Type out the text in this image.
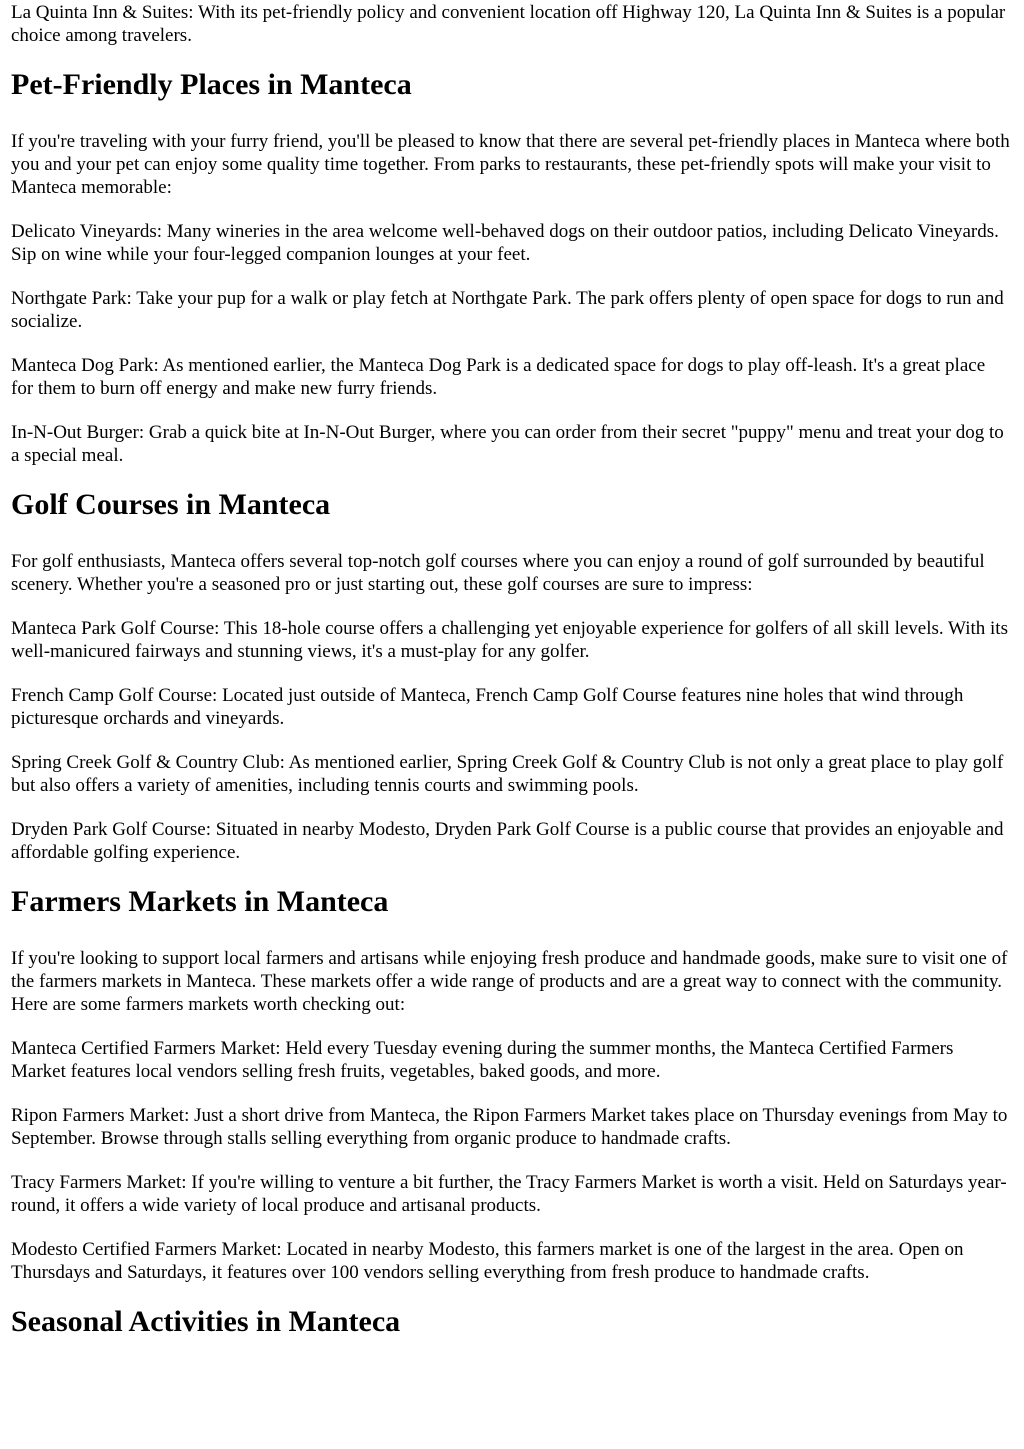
La Quinta Inn & Suites: With its pet-friendly policy and convenient location off Highway 120, La Quinta Inn & Suites is a popular choice among travelers.

Pet-Friendly Places in Manteca

If you're traveling with your furry friend, you'll be pleased to know that there are several pet-friendly places in Manteca where both you and your pet can enjoy some quality time together. From parks to restaurants, these pet-friendly spots will make your visit to Manteca memorable:

Delicato Vineyards: Many wineries in the area welcome well-behaved dogs on their outdoor patios, including Delicato Vineyards. Sip on wine while your four-legged companion lounges at your feet.

Northgate Park: Take your pup for a walk or play fetch at Northgate Park. The park offers plenty of open space for dogs to run and socialize.

Manteca Dog Park: As mentioned earlier, the Manteca Dog Park is a dedicated space for dogs to play off-leash. It's a great place for them to burn off energy and make new furry friends.

In-N-Out Burger: Grab a quick bite at In-N-Out Burger, where you can order from their secret "puppy" menu and treat your dog to a special meal.

Golf Courses in Manteca

For golf enthusiasts, Manteca offers several top-notch golf courses where you can enjoy a round of golf surrounded by beautiful scenery. Whether you're a seasoned pro or just starting out, these golf courses are sure to impress:

Manteca Park Golf Course: This 18-hole course offers a challenging yet enjoyable experience for golfers of all skill levels. With its well-manicured fairways and stunning views, it's a must-play for any golfer.

French Camp Golf Course: Located just outside of Manteca, French Camp Golf Course features nine holes that wind through picturesque orchards and vineyards.

Spring Creek Golf & Country Club: As mentioned earlier, Spring Creek Golf & Country Club is not only a great place to play golf but also offers a variety of amenities, including tennis courts and swimming pools.

Dryden Park Golf Course: Situated in nearby Modesto, Dryden Park Golf Course is a public course that provides an enjoyable and affordable golfing experience.

Farmers Markets in Manteca

If you're looking to support local farmers and artisans while enjoying fresh produce and handmade goods, make sure to visit one of the farmers markets in Manteca. These markets offer a wide range of products and are a great way to connect with the community. Here are some farmers markets worth checking out:

Manteca Certified Farmers Market: Held every Tuesday evening during the summer months, the Manteca Certified Farmers Market features local vendors selling fresh fruits, vegetables, baked goods, and more.

Ripon Farmers Market: Just a short drive from Manteca, the Ripon Farmers Market takes place on Thursday evenings from May to September. Browse through stalls selling everything from organic produce to handmade crafts.

Tracy Farmers Market: If you're willing to venture a bit further, the Tracy Farmers Market is worth a visit. Held on Saturdays year-round, it offers a wide variety of local produce and artisanal products.

Modesto Certified Farmers Market: Located in nearby Modesto, this farmers market is one of the largest in the area. Open on Thursdays and Saturdays, it features over 100 vendors selling everything from fresh produce to handmade crafts.

Seasonal Activities in Manteca
